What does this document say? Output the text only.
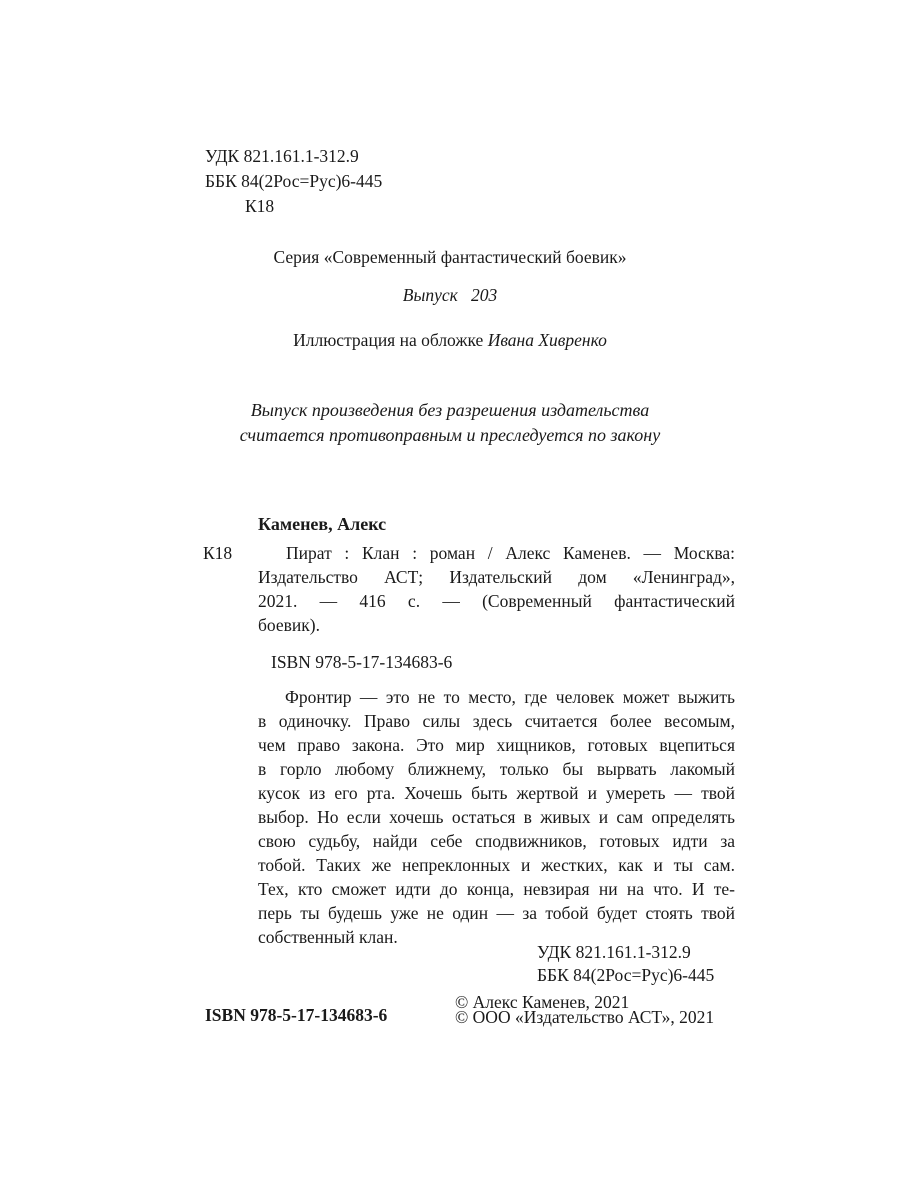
УДК 821.161.1-312.9

ББК 84(2Рос=Рус)6-445

К18

Серия «Современный фантастический боевик»

Выпуск 203

Иллюстрация на обложке Ивана Хивренко

Выпуск произведения без разрешения издательства

считается противоправным и преследуется по закону

Каменев, Алекс

К18	Пират : Клан : роман / Алекс Каменев. — Москва:

Издательство АСТ; Издательский дом «Ленинград»,

2021. — 416 с. — (Современный фантастический

боевик).

ISBN 978-5-17-134683-6

Фронтир — это не то место, где человек может выжить

в одиночку. Право силы здесь считается более весомым,

чем право закона. Это мир хищников, готовых вцепиться

в горло любому ближнему, только бы вырвать лакомый

кусок из его рта. Хочешь быть жертвой и умереть — твой

выбор. Но если хочешь остаться в живых и сам определять

свою судьбу, найди себе сподвижников, готовых идти за

тобой. Таких же непреклонных и жестких, как и ты сам.

Тех, кто сможет идти до конца, невзирая ни на что. И те-

перь ты будешь уже не один — за тобой будет стоять твой

собственный клан.

УДК 821.161.1-312.9

ББК 84(2Рос=Рус)6-445

© Алекс Каменев, 2021

ISBN 978-5-17-134683-6	© ООО «Издательство АСТ», 2021
